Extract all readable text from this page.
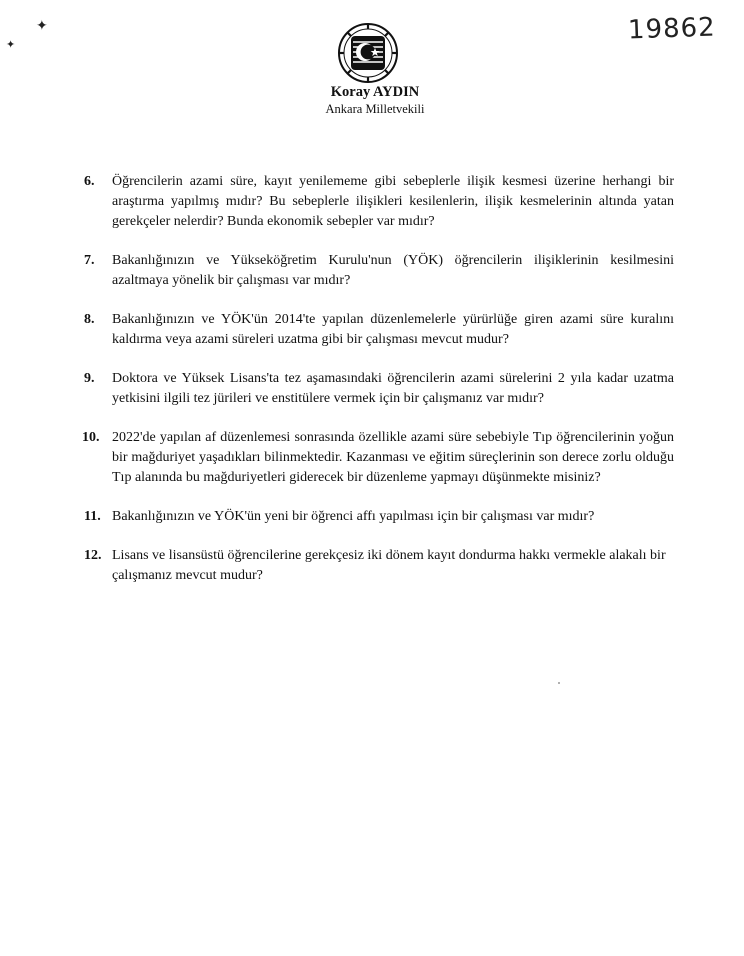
19862
✦
✦
Koray AYDIN
Ankara Milletvekili
6. Öğrencilerin azami süre, kayıt yenilememe gibi sebeplerle ilişik kesmesi üzerine herhangi bir araştırma yapılmış mıdır? Bu sebeplerle ilişikleri kesilenlerin, ilişik kesmelerinin altında yatan gerekçeler nelerdir? Bunda ekonomik sebepler var mıdır?
7. Bakanlığınızın ve Yükseköğretim Kurulu'nun (YÖK) öğrencilerin ilişiklerinin kesilmesini azaltmaya yönelik bir çalışması var mıdır?
8. Bakanlığınızın ve YÖK'ün 2014'te yapılan düzenlemelerle yürürlüğe giren azami süre kuralını kaldırma veya azami süreleri uzatma gibi bir çalışması mevcut mudur?
9. Doktora ve Yüksek Lisans'ta tez aşamasındaki öğrencilerin azami sürelerini 2 yıla kadar uzatma yetkisini ilgili tez jürileri ve enstitülere vermek için bir çalışmanız var mıdır?
10. 2022'de yapılan af düzenlemesi sonrasında özellikle azami süre sebebiyle Tıp öğrencilerinin yoğun bir mağduriyet yaşadıkları bilinmektedir. Kazanması ve eğitim süreçlerinin son derece zorlu olduğu Tıp alanında bu mağduriyetleri giderecek bir düzenleme yapmayı düşünmekte misiniz?
11. Bakanlığınızın ve YÖK'ün yeni bir öğrenci affı yapılması için bir çalışması var mıdır?
12. Lisans ve lisansüstü öğrencilerine gerekçesiz iki dönem kayıt dondurma hakkı vermekle alakalı bir çalışmanız mevcut mudur?
